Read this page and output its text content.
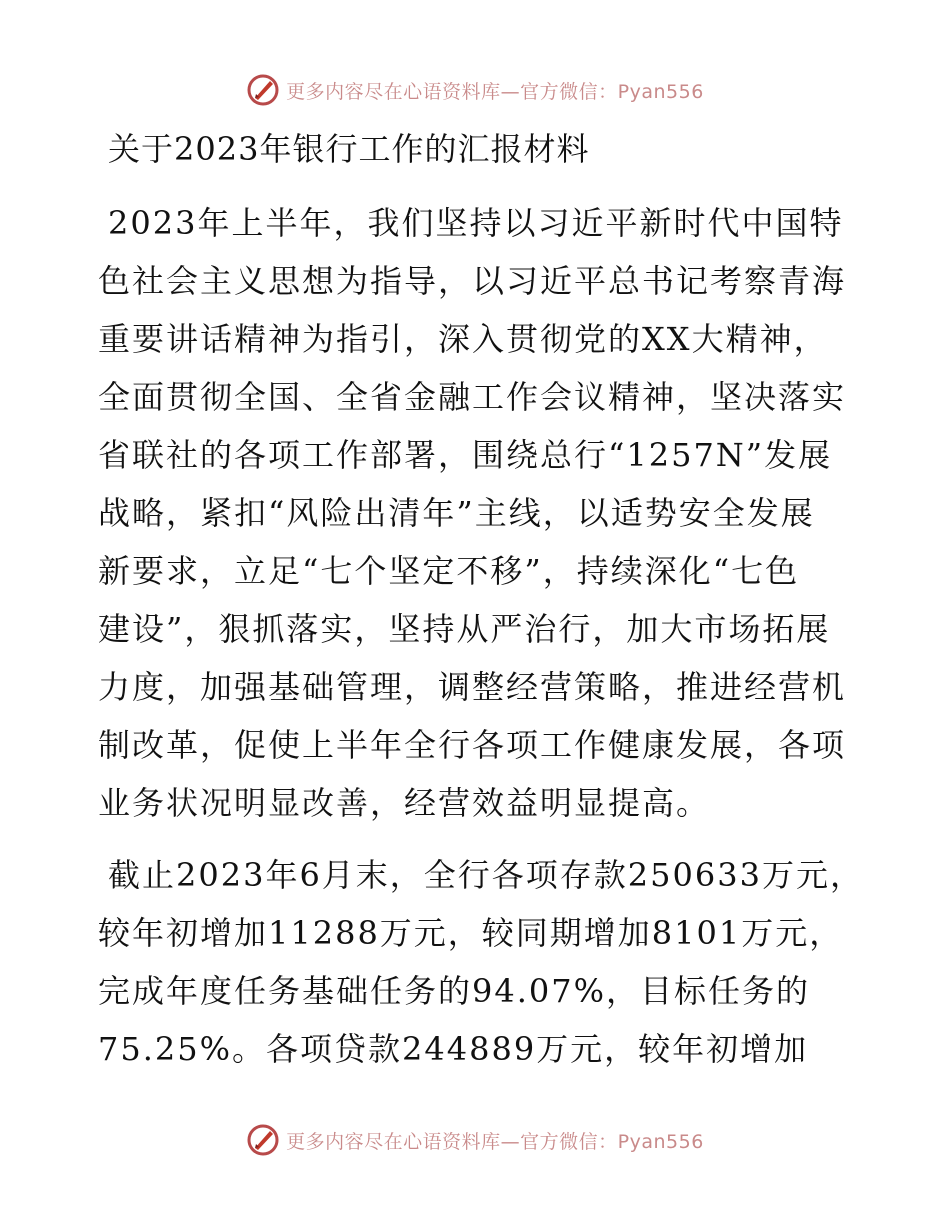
更多内容尽在心语资料库—官方微信：Pyan556
关于2023年银行工作的汇报材料

2023年上半年，我们坚持以习近平新时代中国特
色社会主义思想为指导，以习近平总书记考察青海
重要讲话精神为指引，深入贯彻党的XX大精神，
全面贯彻全国、全省金融工作会议精神，坚决落实
省联社的各项工作部署，围绕总行“1257N”发展
战略，紧扣“风险出清年”主线，以适势安全发展
新要求，立足“七个坚定不移”，持续深化“七色
建设”，狠抓落实，坚持从严治行，加大市场拓展
力度，加强基础管理，调整经营策略，推进经营机
制改革，促使上半年全行各项工作健康发展，各项
业务状况明显改善，经营效益明显提高。

截止2023年6月末，全行各项存款250633万元，
较年初增加11288万元，较同期增加8101万元，
完成年度任务基础任务的94.07%，目标任务的
75.25%。各项贷款244889万元，较年初增加

更多内容尽在心语资料库—官方微信：Pyan556
